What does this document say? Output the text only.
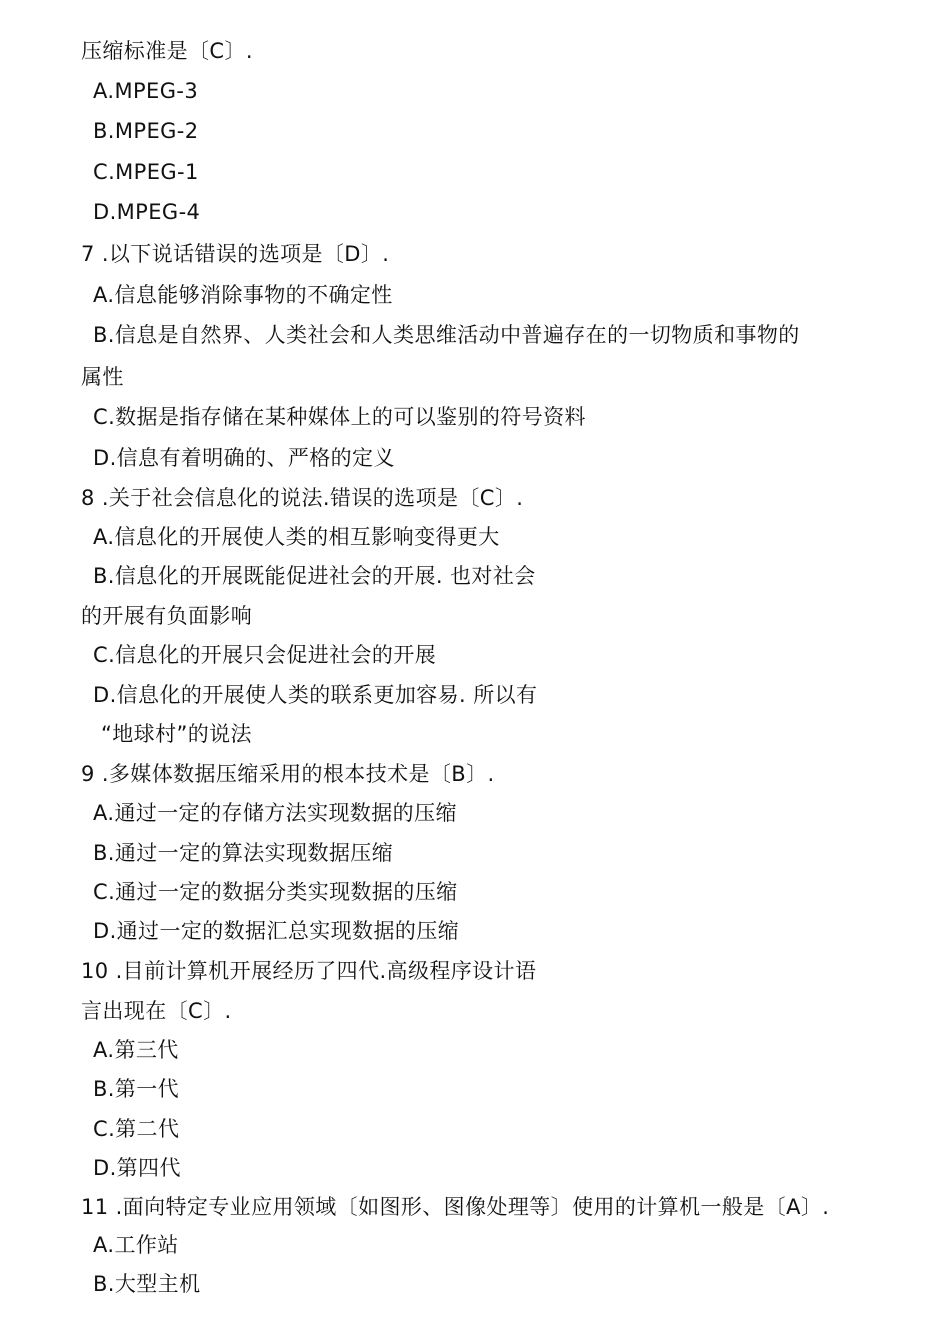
压缩标准是〔C〕.
A.MPEG-3
B.MPEG-2
C.MPEG-1
D.MPEG-4
7 .以下说话错误的选项是〔D〕.
A.信息能够消除事物的不确定性
B.信息是自然界、人类社会和人类思维活动中普遍存在的一切物质和事物的
属性
C.数据是指存储在某种媒体上的可以鉴别的符号资料
D.信息有着明确的、严格的定义
8 .关于社会信息化的说法.错误的选项是〔C〕.
A.信息化的开展使人类的相互影响变得更大
B.信息化的开展既能促进社会的开展. 也对社会
的开展有负面影响
C.信息化的开展只会促进社会的开展
D.信息化的开展使人类的联系更加容易. 所以有
“地球村”的说法
9 .多媒体数据压缩采用的根本技术是〔B〕.
A.通过一定的存储方法实现数据的压缩
B.通过一定的算法实现数据压缩
C.通过一定的数据分类实现数据的压缩
D.通过一定的数据汇总实现数据的压缩
10 .目前计算机开展经历了四代.高级程序设计语
言出现在〔C〕.
A.第三代
B.第一代
C.第二代
D.第四代
11 .面向特定专业应用领域〔如图形、图像处理等〕使用的计算机一般是〔A〕.
A.工作站
B.大型主机
